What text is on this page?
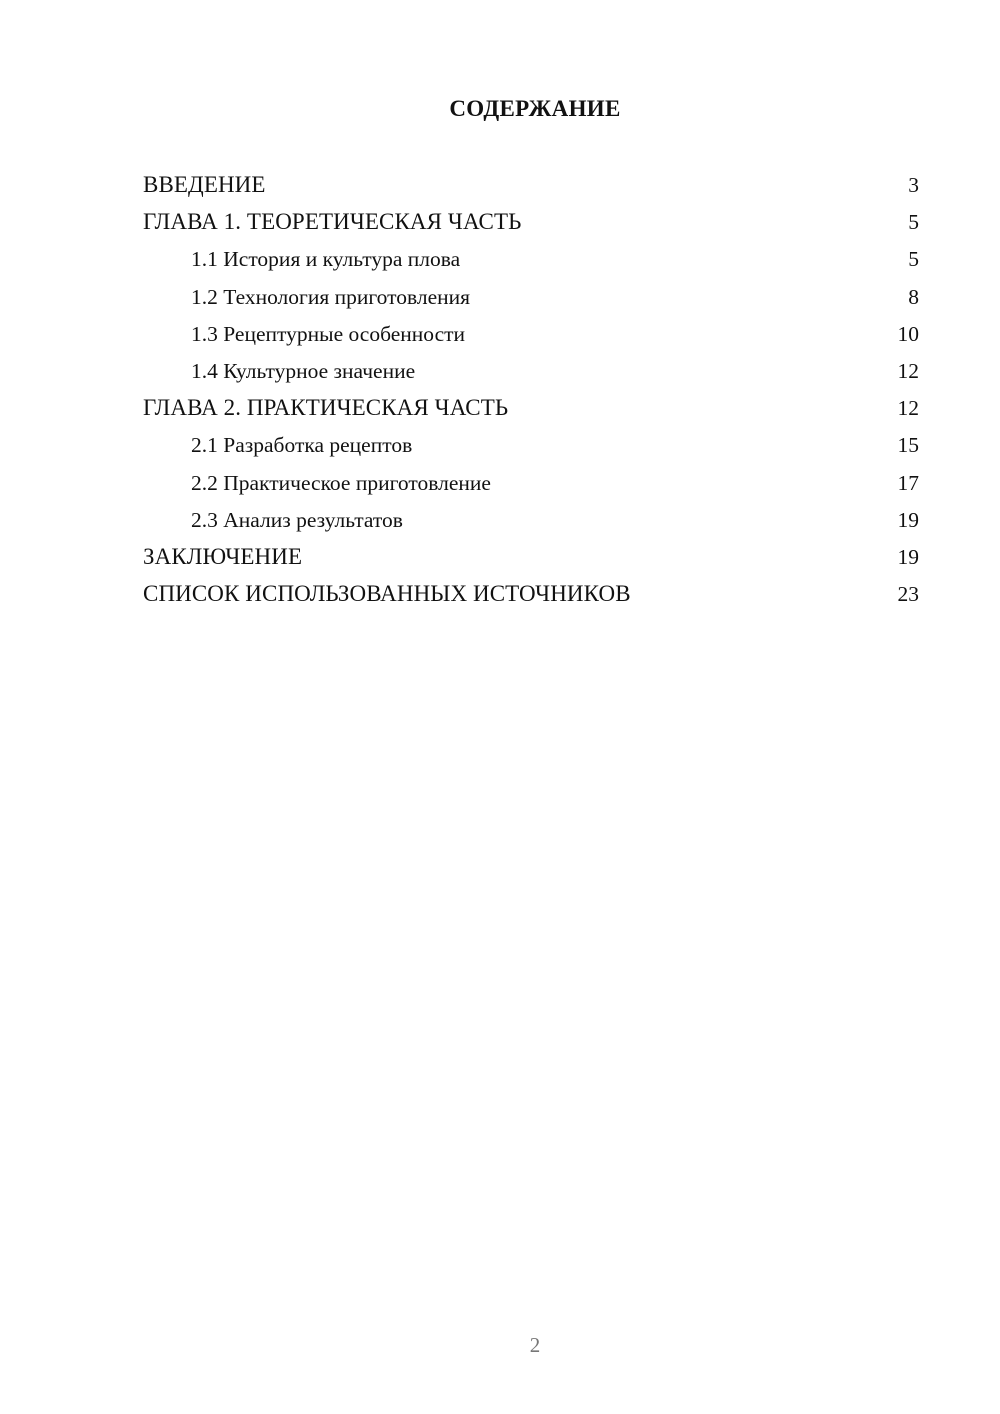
СОДЕРЖАНИЕ
ВВЕДЕНИЕ	3
ГЛАВА 1. ТЕОРЕТИЧЕСКАЯ ЧАСТЬ	5
1.1 История и культура плова	5
1.2 Технология приготовления	8
1.3 Рецептурные особенности	10
1.4 Культурное значение	12
ГЛАВА 2. ПРАКТИЧЕСКАЯ ЧАСТЬ	12
2.1 Разработка рецептов	15
2.2 Практическое приготовление	17
2.3 Анализ результатов	19
ЗАКЛЮЧЕНИЕ	19
СПИСОК ИСПОЛЬЗОВАННЫХ ИСТОЧНИКОВ	23
2
